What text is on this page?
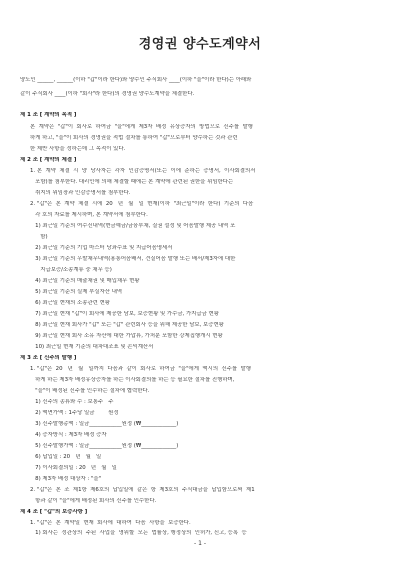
경영권 양수도계약서
양도인 ______, ______(이하 "갑"이라 한다)와 양수인 주식회사 ____(이하 "을"이라 한다)는 아래와
같이 주식회사 ____(이하 "회사"라 한다)의 경영권 양수도계약을 체결한다.
제 1 조 [ 계약의 목적 ]
본  계약은  "갑"이  회사로  하여금  "을"에게  제3자  배정  유상증자의  방법으로  신주를  발행
하게 하고, "을"이 회사의 경영권을 적법 절차를 통하여 "갑"으로부터 양수하는 것과 관련
한 제반 사항을 정하는데 그 목적이 있다.
제 2 조 [ 계약의 체결 ]
1. 본  계약  체결  시  양  당사자는  각자  인감증명서(또는  이에  준하는  증명서,  이사회결의서
포함)를 첨부한다. 대리인에 의해 체결할 때에는 본 계약에 관련된 권한을 위임한다는
취지의 위임장과 인감증명서를 첨부한다.
2. "갑"은  본  계약  체결  시에  20   년   월   일  현재(이하  "최근일"이라  한다)  기준의  다음
각 호의 자료를 제시하며, 본 계약서에 첨부한다.
1) 최근일 기준의 여수신내역(현금예금/금융부채, 질권 설정 및 어음발행 제공 내역 포
함)
2) 최근일 기준의 기업 마스터 당좌수표 및 지급어음명세서
3) 최근일 기준의 우발채무내역(용통어음배서, 견질어음 발행 또는 배서/제3자에 대한
지급보증/소송계류 중 채무 등)
4) 최근일 기준의 매출채권 및 매입채무 현황
5) 최근일 기준의 실제 부실자산 내역
6) 최근일 현재의 소송관련 현황
7) 최근일 현재 "갑"이 회사에 제공한 담보, 보증현황 및 가수금, 가지급금 현황
8) 최근일 현재 회사가 "갑" 또는 "갑" 관련회사 등을 위해 제공한 담보, 보증현황
9) 최근일 현재 회사 소유 자산에 대한 가압류, 가처분 포함한 강제집행개시 현황
10) 최근일 현재 기준의 대차대조표 및 손익계산서
제 3 조 [ 신주의 발행 ]
1. "갑"은  20   년   월   일까지  다음과  같이  회사로  하여금  "을"에게  액시의  신주를  발행
하게 하는 제3자 배정유상증자를 하는 이사회결의를 하는 등 필요한 절차를 진행하며,
"을"이 배정된 신주를 인수하는 절차에 협력한다.
1) 신주의 종류와 수 : 보통주   주
2) 액면가액 : 1주당 일금        원정
3) 신주발행총액 : 일금____________원정 (₩_____________)
4) 증자방식 : 제3자 배정 증자
5) 신주발행가액 : 일금____________원정 (₩_____________)
6) 납입일 : 20   년   월   일
7) 이사회결의일 : 20   년   월   일
8) 제3자 배정 대상자 : "을"
2. "갑"은  본  조  제1항  제6호의  납입일에  같은  항  제3호의  주식대금을  납입함으로써  제1
항과 같이 "을"에게 배정된 회사의 신주를 인수한다.
제 4 조 [ "갑"의 보증사항 ]
1. "갑"은  본  계약일  현재  회사에  대하여  다음  사항을  보증한다.
1) 회사는  정관상의  주된  사업을  영위할  모든  법률상, 행정상의  인허가, 신고, 등록  등
- 1 -
